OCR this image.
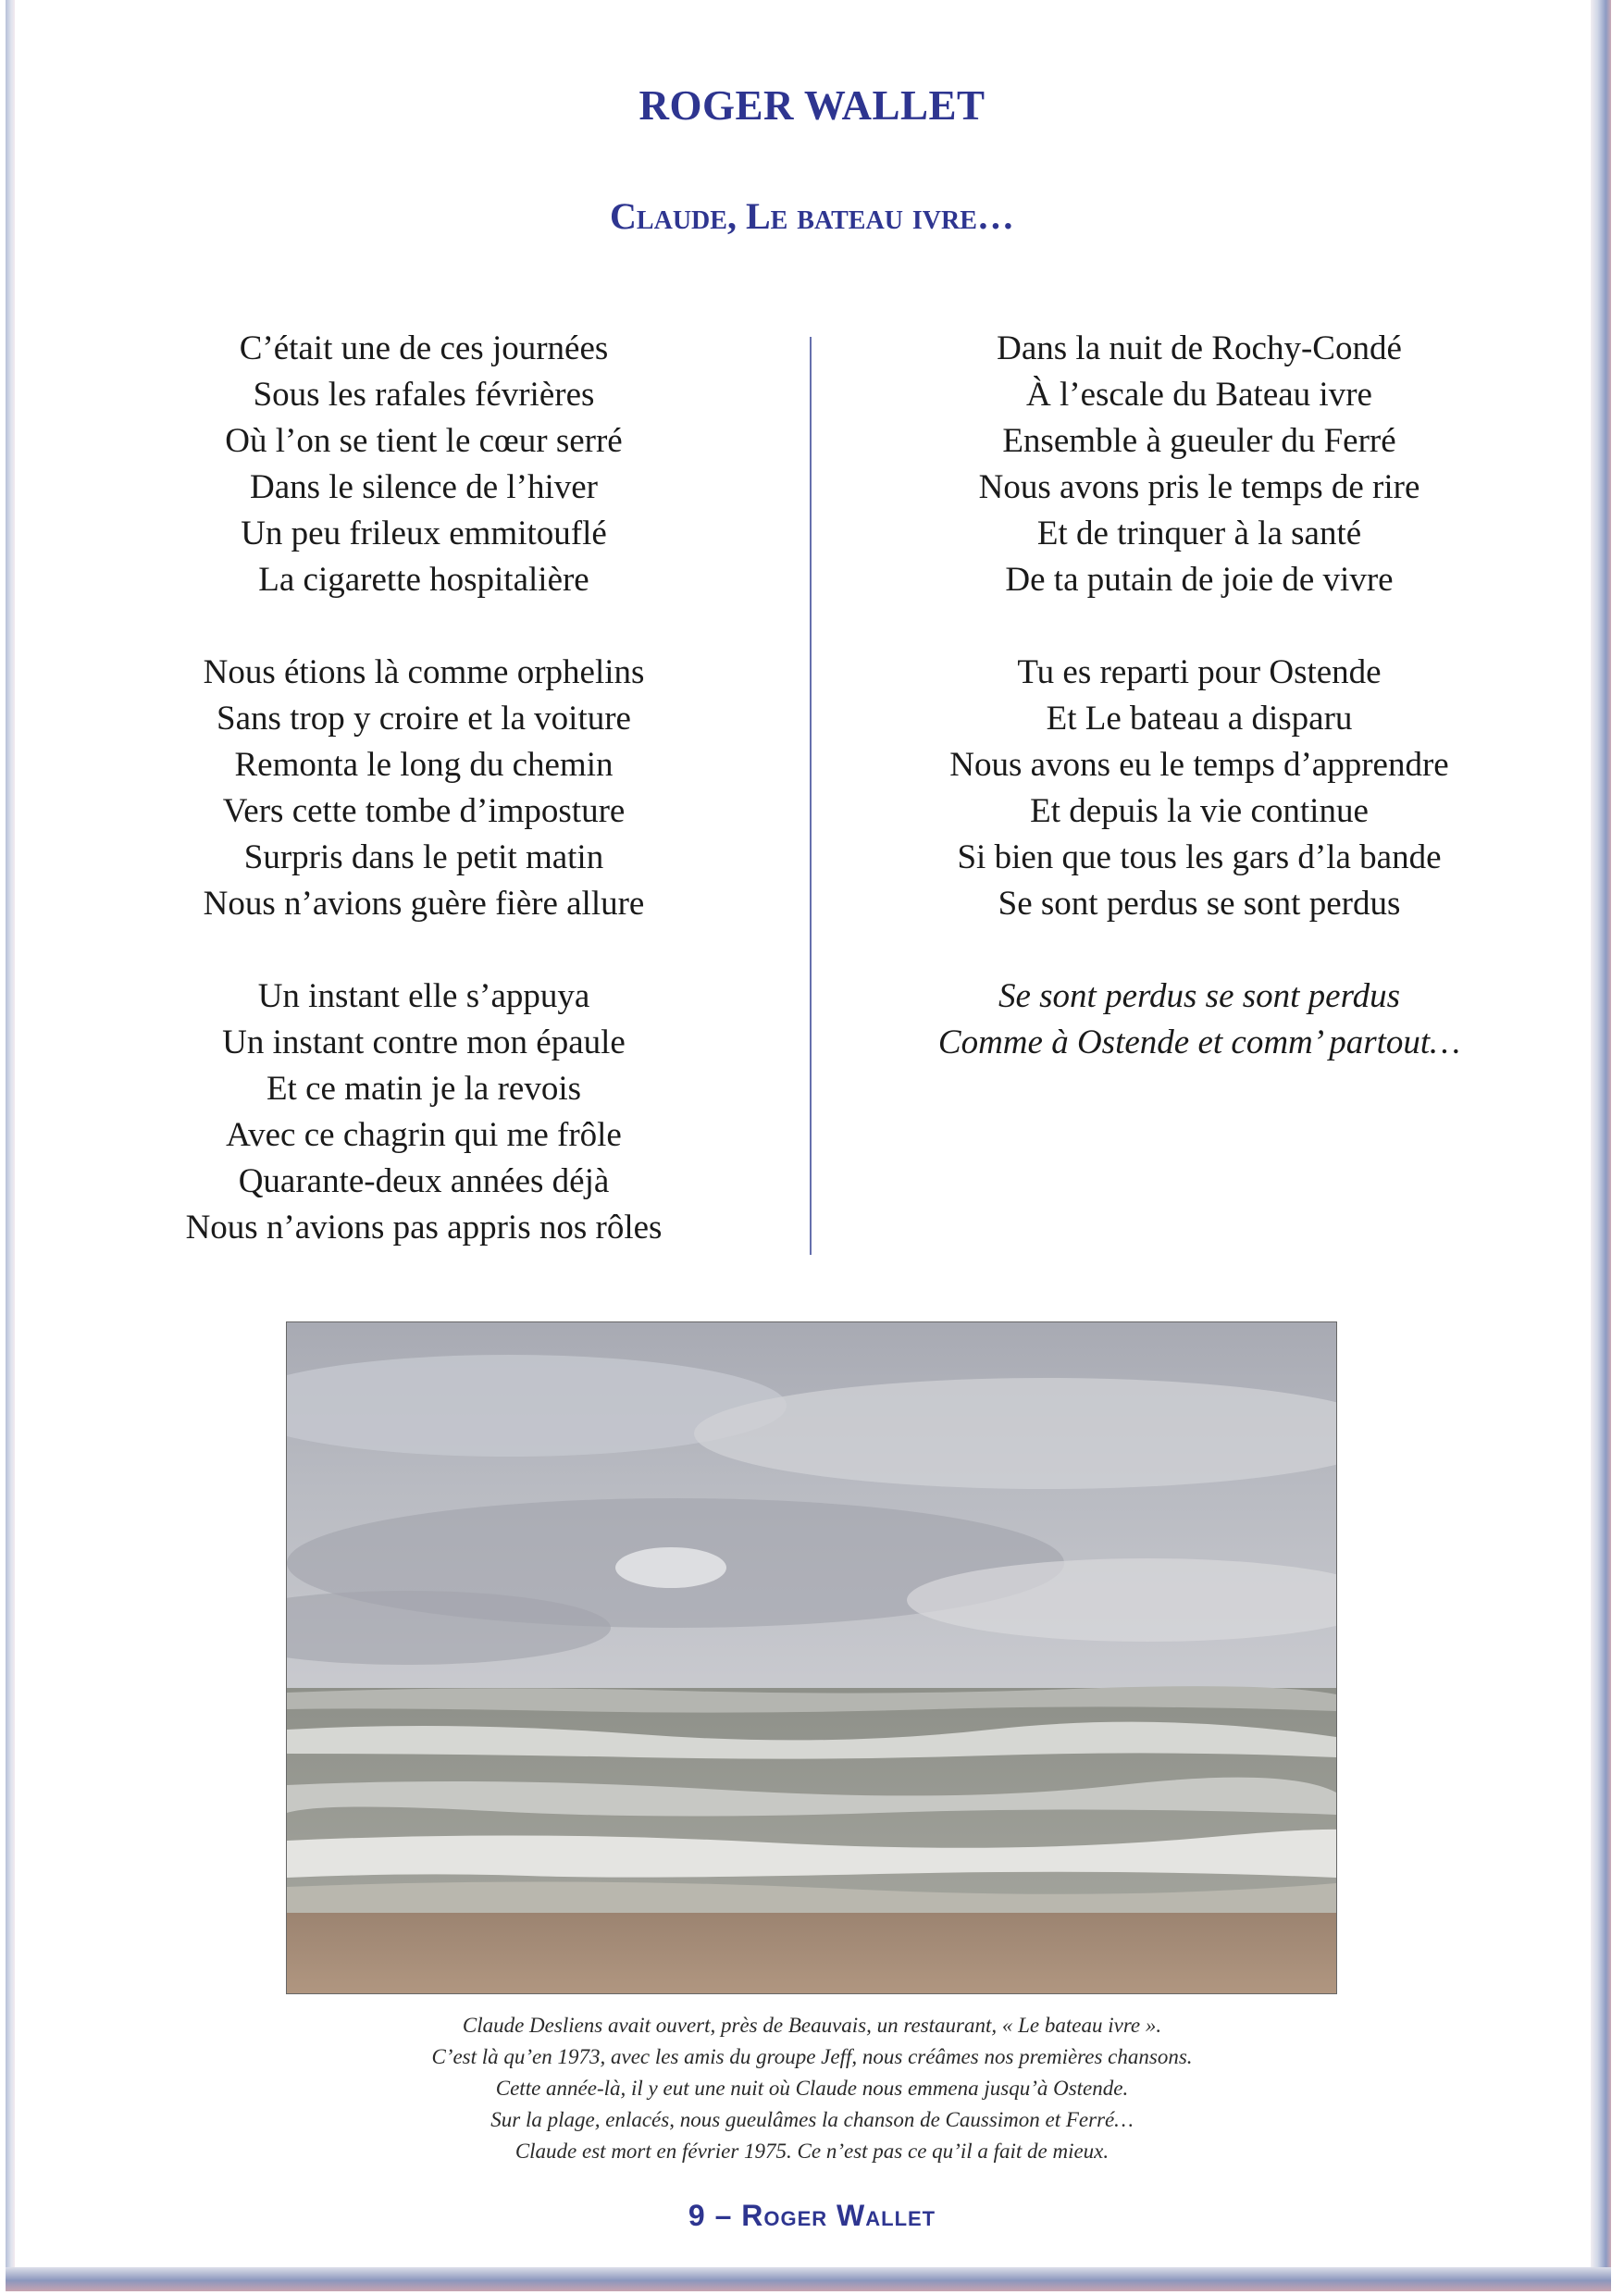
ROGER WALLET
Claude, Le bateau ivre…
C’était une de ces journées
Sous les rafales févrières
Où l’on se tient le cœur serré
Dans le silence de l’hiver
Un peu frileux emmitouflé
La cigarette hospitalière
Nous étions là comme orphelins
Sans trop y croire et la voiture
Remonta le long du chemin
Vers cette tombe d’imposture
Surpris dans le petit matin
Nous n’avions guère fière allure
Un instant elle s’appuya
Un instant contre mon épaule
Et ce matin je la revois
Avec ce chagrin qui me frôle
Quarante-deux années déjà
Nous n’avions pas appris nos rôles
Dans la nuit de Rochy-Condé
À l’escale du Bateau ivre
Ensemble à gueuler du Ferré
Nous avons pris le temps de rire
Et de trinquer à la santé
De ta putain de joie de vivre
Tu es reparti pour Ostende
Et Le bateau a disparu
Nous avons eu le temps d’apprendre
Et depuis la vie continue
Si bien que tous les gars d’la bande
Se sont perdus se sont perdus
Se sont perdus se sont perdus
Comme à Ostende et comm’ partout…
Claude Desliens avait ouvert, près de Beauvais, un restaurant, « Le bateau ivre ».
C’est là qu’en 1973, avec les amis du groupe Jeff, nous créâmes nos premières chansons.
Cette année-là, il y eut une nuit où Claude nous emmena jusqu’à Ostende.
Sur la plage, enlacés, nous gueulâmes la chanson de Caussimon et Ferré…
Claude est mort en février 1975. Ce n’est pas ce qu’il a fait de mieux.
9 – Roger Wallet
